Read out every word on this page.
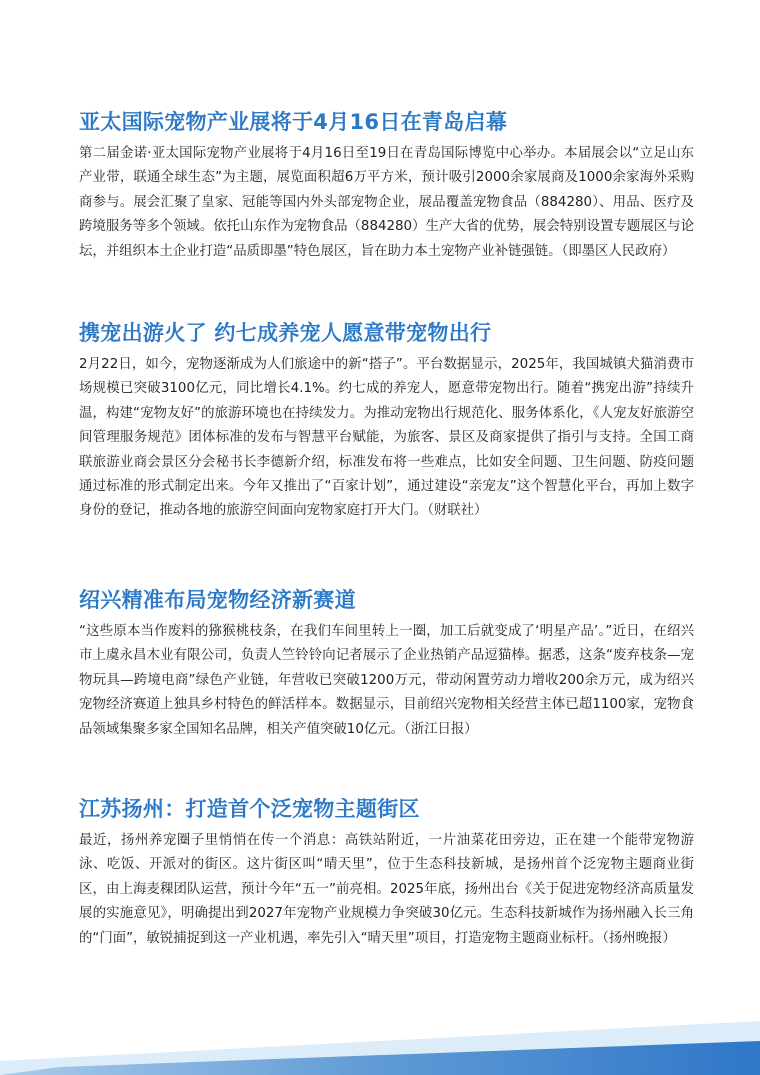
亚太国际宠物产业展将于4月16日在青岛启幕

第二届金诺·亚太国际宠物产业展将于4月16日至19日在青岛国际博览中心举办。本届展会以“立足山东产业带，联通全球生态”为主题，展览面积超6万平方米，预计吸引2000余家展商及1000余家海外采购商参与。展会汇聚了皇家、冠能等国内外头部宠物企业，展品覆盖宠物食品（884280）、用品、医疗及跨境服务等多个领域。依托山东作为宠物食品（884280）生产大省的优势，展会特别设置专题展区与论坛，并组织本土企业打造“品质即墨”特色展区，旨在助力本土宠物产业补链强链。（即墨区人民政府）

携宠出游火了 约七成养宠人愿意带宠物出行

2月22日，如今，宠物逐渐成为人们旅途中的新“搭子”。平台数据显示，2025年，我国城镇犬猫消费市场规模已突破3100亿元，同比增长4.1%。约七成的养宠人，愿意带宠物出行。随着“携宠出游”持续升温，构建“宠物友好”的旅游环境也在持续发力。为推动宠物出行规范化、服务体系化，《人宠友好旅游空间管理服务规范》团体标准的发布与智慧平台赋能，为旅客、景区及商家提供了指引与支持。全国工商联旅游业商会景区分会秘书长李德新介绍，标准发布将一些难点，比如安全问题、卫生问题、防疫问题通过标准的形式制定出来。今年又推出了“百家计划”，通过建设“亲宠友”这个智慧化平台，再加上数字身份的登记，推动各地的旅游空间面向宠物家庭打开大门。（财联社）

绍兴精准布局宠物经济新赛道

“这些原本当作废料的猕猴桃枝条，在我们车间里转上一圈，加工后就变成了‘明星产品’。”近日，在绍兴市上虞永昌木业有限公司，负责人竺铃铃向记者展示了企业热销产品逗猫棒。据悉，这条“废弃枝条—宠物玩具—跨境电商”绿色产业链，年营收已突破1200万元，带动闲置劳动力增收200余万元，成为绍兴宠物经济赛道上独具乡村特色的鲜活样本。数据显示，目前绍兴宠物相关经营主体已超1100家，宠物食品领域集聚多家全国知名品牌，相关产值突破10亿元。（浙江日报）

江苏扬州：打造首个泛宠物主题街区

最近，扬州养宠圈子里悄悄在传一个消息：高铁站附近，一片油菜花田旁边，正在建一个能带宠物游泳、吃饭、开派对的街区。这片街区叫“晴天里”，位于生态科技新城，是扬州首个泛宠物主题商业街区，由上海麦稞团队运营，预计今年“五一”前亮相。2025年底，扬州出台《关于促进宠物经济高质量发展的实施意见》，明确提出到2027年宠物产业规模力争突破30亿元。生态科技新城作为扬州融入长三角的“门面”，敏锐捕捉到这一产业机遇，率先引入“晴天里”项目，打造宠物主题商业标杆。（扬州晚报）
